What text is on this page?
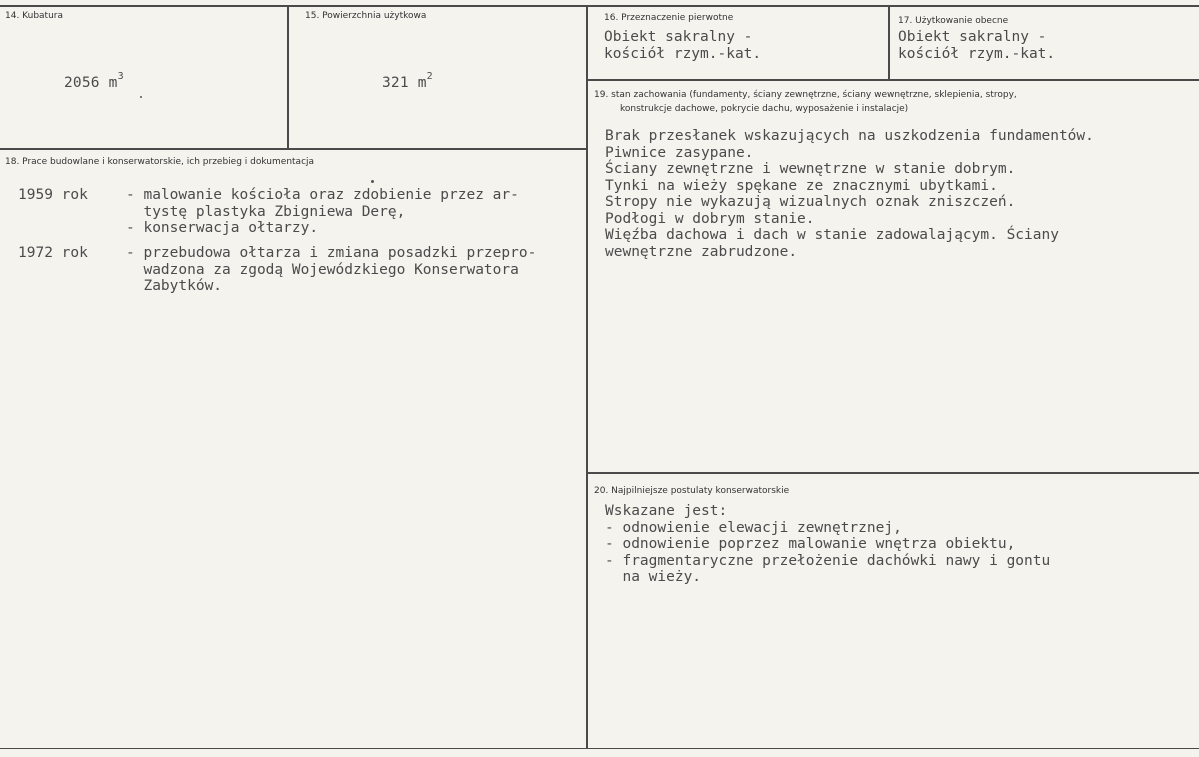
14. Kubatura
2056 $m^3$
15. Powierzchnia użytkowa
321 $m^2$
16. Przeznaczenie pierwotne
Obiekt sakralny -
kościół rzym.-kat.
17. Użytkowanie obecne
Obiekt sakralny -
kościół rzym.-kat.
18. Prace budowlane i konserwatorskie, ich przebieg i dokumentacja
1959 rok	- malowanie kościoła oraz zdobienie przez ar-
tystę plastyka Zbigniewa Derę,
- konserwacja ołtarzy.
1972 rok	- przebudowa ołtarza i zmiana posadzki przepro-
wadzona za zgodą Wojewódzkiego Konserwatora
Zabytków.
19. stan zachowania (fundamenty, ściany zewnętrzne, ściany wewnętrzne, sklepienia, stropy,
konstrukcje dachowe, pokrycie dachu, wyposażenie i instalacje)
Brak przesłanek wskazujących na uszkodzenia fundamentów.
Piwnice zasypane.
Ściany zewnętrzne i wewnętrzne w stanie dobrym.
Tynki na wieży spękane ze znacznymi ubytkami.
Stropy nie wykazują wizualnych oznak zniszczeń.
Podłogi w dobrym stanie.
Więźba dachowa i dach w stanie zadowalającym. Ściany
wewnętrzne zabrudzone.
20. Najpilniejsze postulaty konserwatorskie
Wskazane jest:
- odnowienie elewacji zewnętrznej,
- odnowienie poprzez malowanie wnętrza obiektu,
- fragmentaryczne przełożenie dachówki nawy i gontu
na wieży.
